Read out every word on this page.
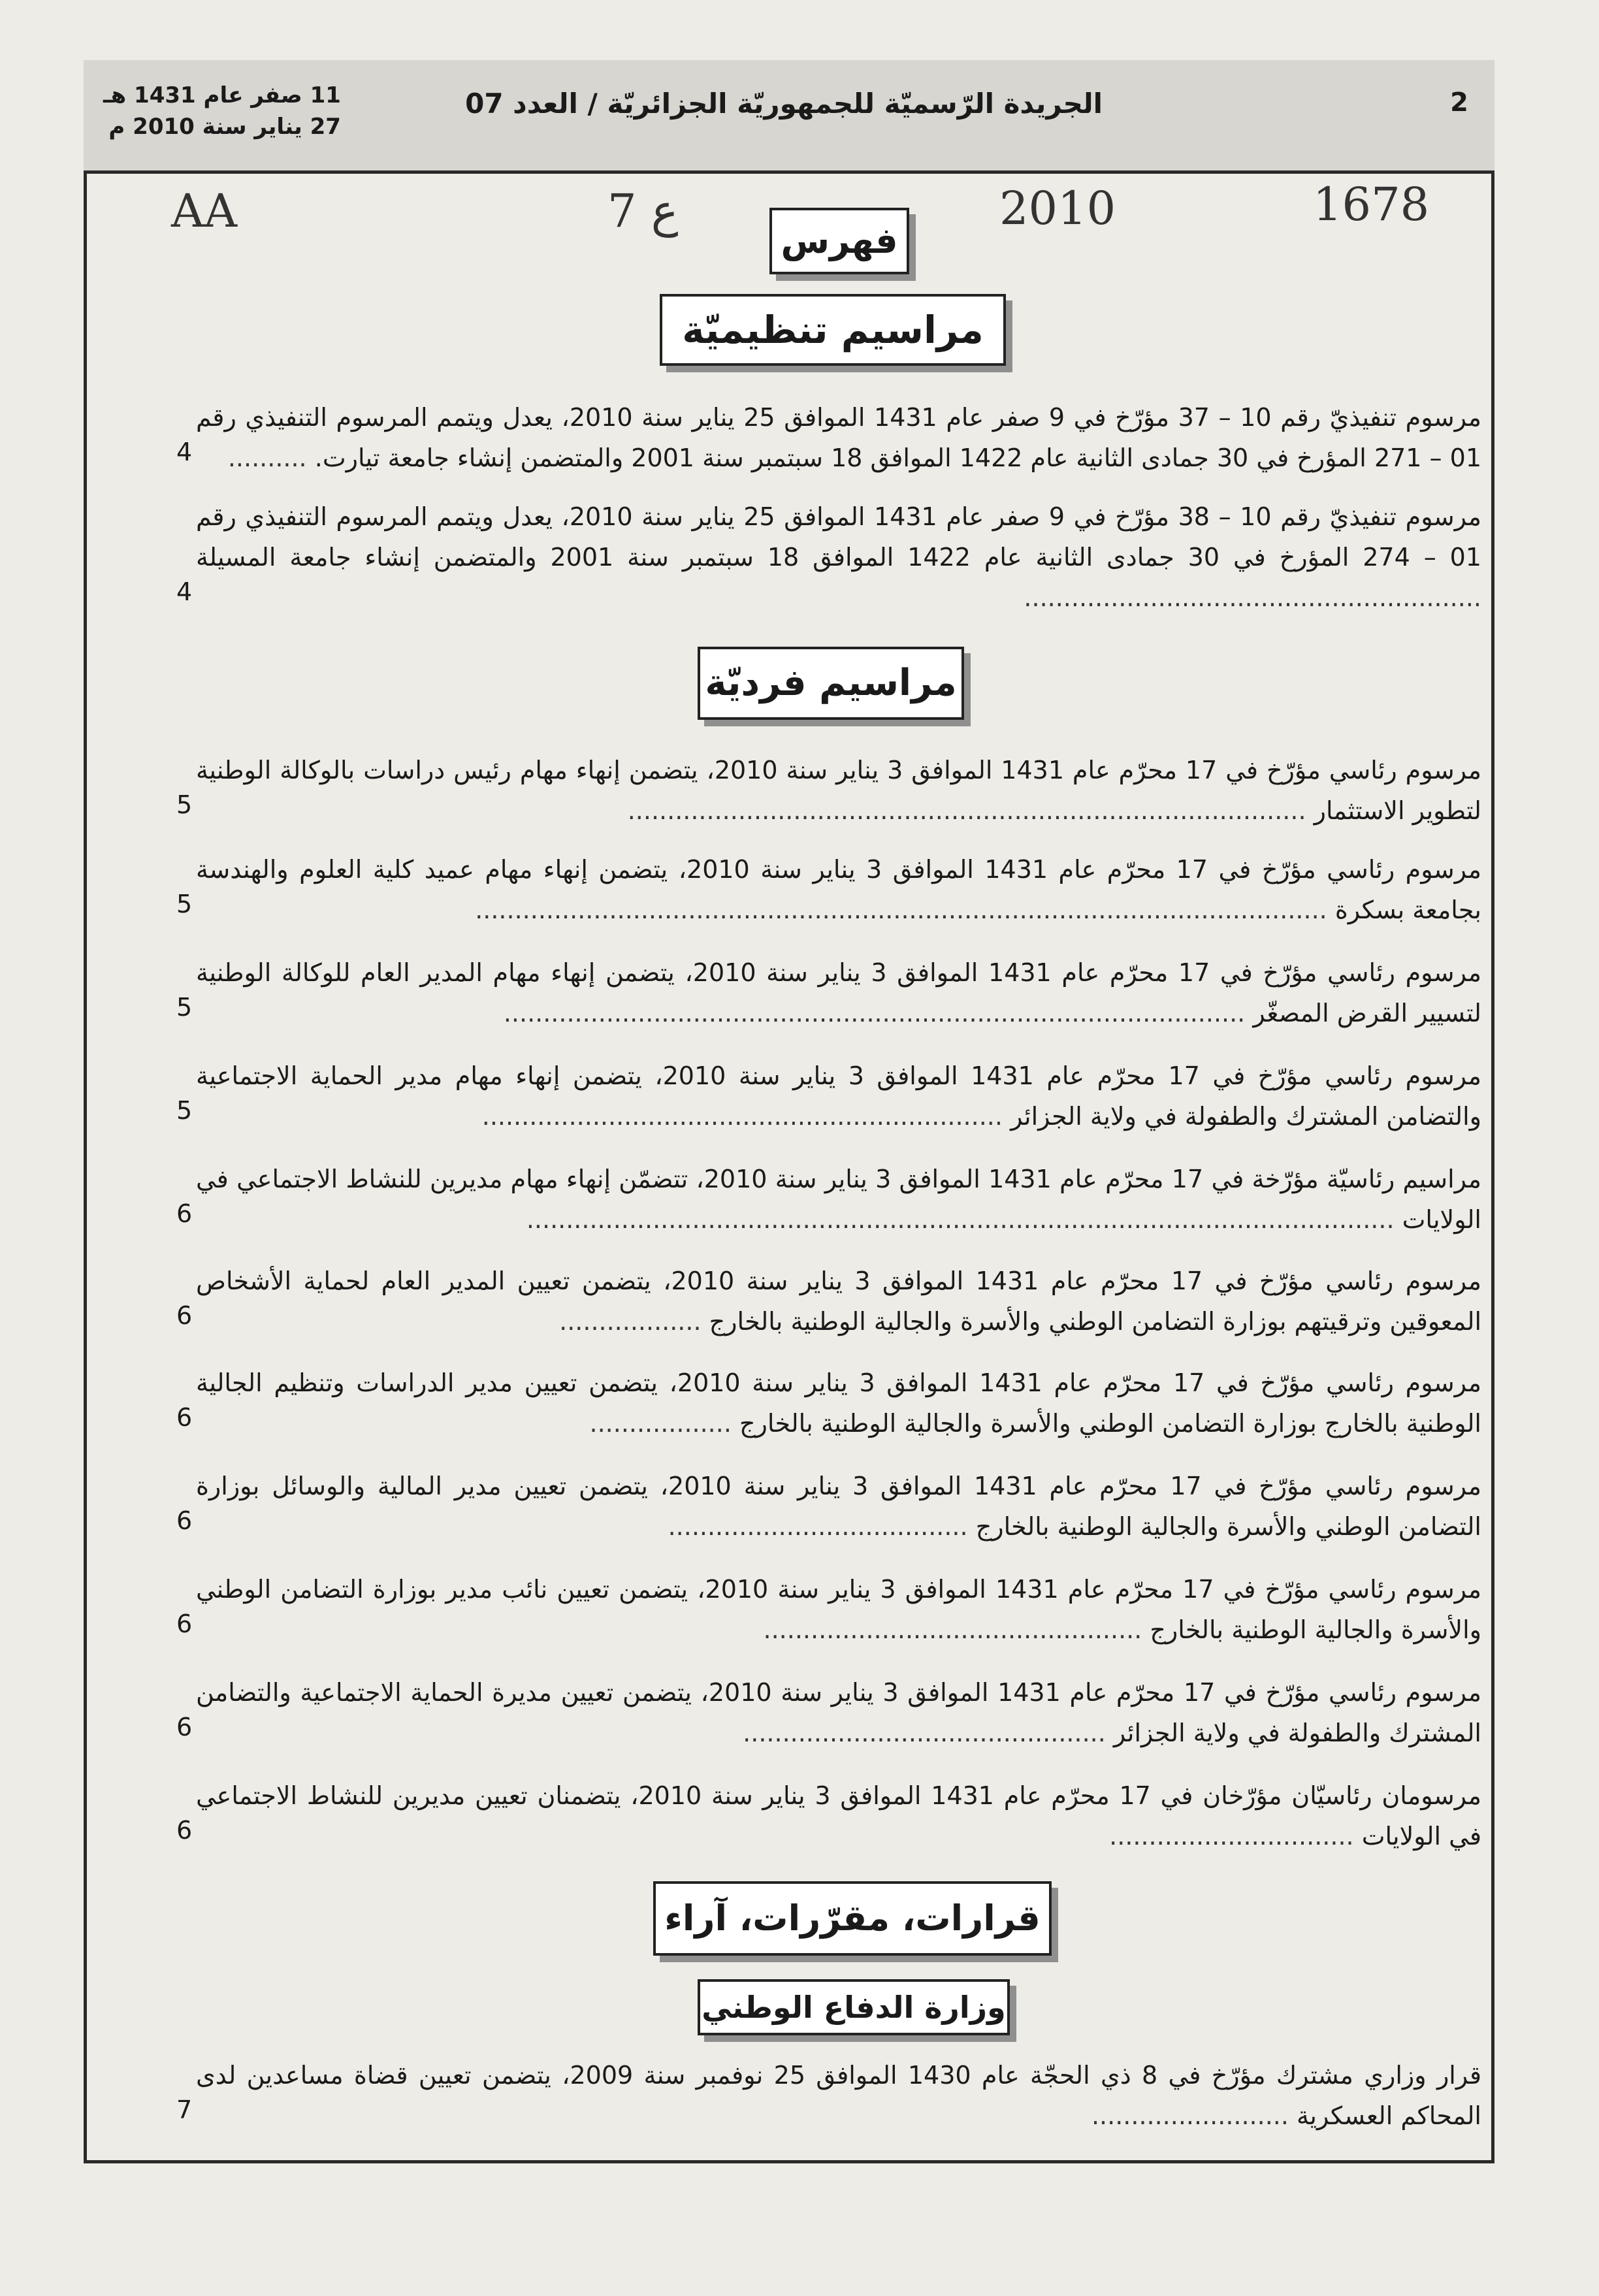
2
الجريدة الرّسميّة للجمهوريّة الجزائريّة / العدد 07
11 صفر عام 1431 هـ
27 يناير سنة 2010 م
AA	7 ع	2010	1678
فهرس
مراسيم تنظيميّة
مرسوم تنفيذيّ رقم 10 – 37 مؤرّخ في 9 صفر عام 1431 الموافق 25 يناير سنة 2010، يعدل ويتمم المرسوم التنفيذي رقم 01 – 271 المؤرخ في 30 جمادى الثانية عام 1422 الموافق 18 سبتمبر سنة 2001 والمتضمن إنشاء جامعة تيارت. ..........
4
مرسوم تنفيذيّ رقم 10 – 38 مؤرّخ في 9 صفر عام 1431 الموافق 25 يناير سنة 2010، يعدل ويتمم المرسوم التنفيذي رقم 01 – 274 المؤرخ في 30 جمادى الثانية عام 1422 الموافق 18 سبتمبر سنة 2001 والمتضمن إنشاء جامعة المسيلة ..........................................................
4
مراسيم فرديّة
مرسوم رئاسي مؤرّخ في 17 محرّم عام 1431 الموافق 3 يناير سنة 2010، يتضمن إنهاء مهام رئيس دراسات بالوكالة الوطنية لتطوير الاستثمار ......................................................................................
5
مرسوم رئاسي مؤرّخ في 17 محرّم عام 1431 الموافق 3 يناير سنة 2010، يتضمن إنهاء مهام عميد كلية العلوم والهندسة بجامعة بسكرة ............................................................................................................
5
مرسوم رئاسي مؤرّخ في 17 محرّم عام 1431 الموافق 3 يناير سنة 2010، يتضمن إنهاء مهام المدير العام للوكالة الوطنية لتسيير القرض المصغّر ..............................................................................................
5
مرسوم رئاسي مؤرّخ في 17 محرّم عام 1431 الموافق 3 يناير سنة 2010، يتضمن إنهاء مهام مدير الحماية الاجتماعية والتضامن المشترك والطفولة في ولاية الجزائر ..................................................................
5
مراسيم رئاسيّة مؤرّخة في 17 محرّم عام 1431 الموافق 3 يناير سنة 2010، تتضمّن إنهاء مهام مديرين للنشاط الاجتماعي في الولايات ..............................................................................................................
6
مرسوم رئاسي مؤرّخ في 17 محرّم عام 1431 الموافق 3 يناير سنة 2010، يتضمن تعيين المدير العام لحماية الأشخاص المعوقين وترقيتهم بوزارة التضامن الوطني والأسرة والجالية الوطنية بالخارج ..................
6
مرسوم رئاسي مؤرّخ في 17 محرّم عام 1431 الموافق 3 يناير سنة 2010، يتضمن تعيين مدير الدراسات وتنظيم الجالية الوطنية بالخارج بوزارة التضامن الوطني والأسرة والجالية الوطنية بالخارج ..................
6
مرسوم رئاسي مؤرّخ في 17 محرّم عام 1431 الموافق 3 يناير سنة 2010، يتضمن تعيين مدير المالية والوسائل بوزارة التضامن الوطني والأسرة والجالية الوطنية بالخارج ......................................
6
مرسوم رئاسي مؤرّخ في 17 محرّم عام 1431 الموافق 3 يناير سنة 2010، يتضمن تعيين نائب مدير بوزارة التضامن الوطني والأسرة والجالية الوطنية بالخارج ................................................
6
مرسوم رئاسي مؤرّخ في 17 محرّم عام 1431 الموافق 3 يناير سنة 2010، يتضمن تعيين مديرة الحماية الاجتماعية والتضامن المشترك والطفولة في ولاية الجزائر ..............................................
6
مرسومان رئاسيّان مؤرّخان في 17 محرّم عام 1431 الموافق 3 يناير سنة 2010، يتضمنان تعيين مديرين للنشاط الاجتماعي في الولايات ...............................
6
قرارات، مقرّرات، آراء
وزارة الدفاع الوطني
قرار وزاري مشترك مؤرّخ في 8 ذي الحجّة عام 1430 الموافق 25 نوفمبر سنة 2009، يتضمن تعيين قضاة مساعدين لدى المحاكم العسكرية .........................
7
